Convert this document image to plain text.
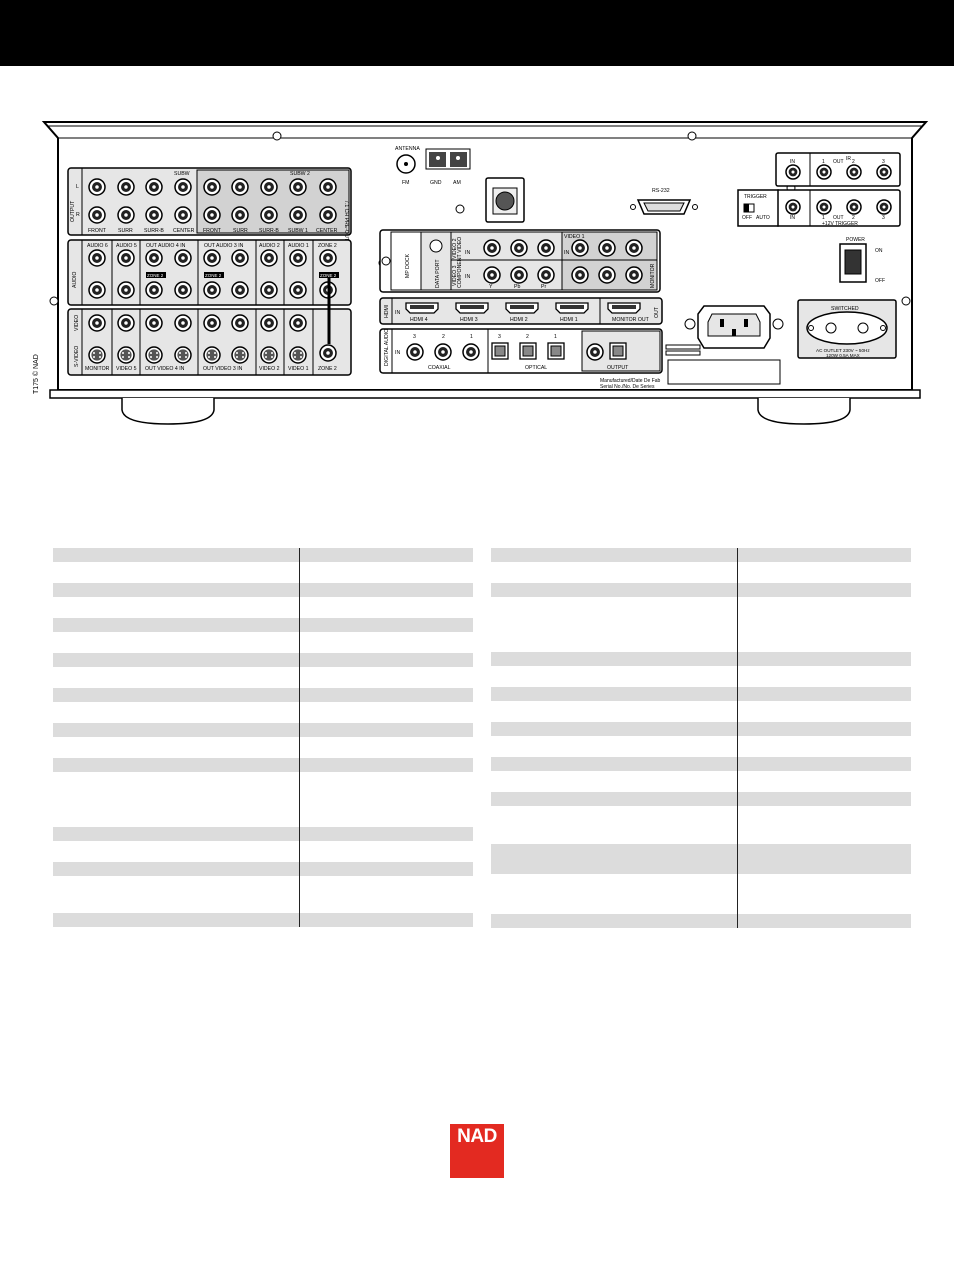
T175 © NAD
SUBW	SUBW 2
L
R
OUTPUT	7.1 CH PRE-OUT
FRONT SURR SURR-B CENTER FRONT SURR SURR-B SUBW 1 CENTER
AUDIO
AUDIO 6 AUDIO 5 OUT AUDIO 4 IN	OUT AUDIO 3 IN	AUDIO 2 AUDIO 1 ZONE 2
VIDEO
S-VIDEO
MONITOR VIDEO 5 OUT VIDEO 4 IN	OUT VIDEO 3 IN	VIDEO 2 VIDEO 1 ZONE 2
ZONE 2	ZONE 2	ZONE 2
ANTENNA
FM	GND AM
RS-232
MP DOCK	DATA PORT	COMPONENT VIDEO
VIDEO 2
VIDEO 3
VIDEO 1
MONITOR
IN
IN
IN
Y	Pb	Pr
HDMI 4	HDMI 3	HDMI 2	HDMI 1	MONITOR OUT
HDMI IN	OUT
DIGITAL AUDIO IN
COAXIAL	OPTICAL	OUTPUT
3	2	1	3	2	1
Manufactured/Date De Fab
Serial No./No. De Series
IR
IN	OUT
1	2	3
TRIGGER
OFF AUTO	IN	1 OUT 2	3
+12V TRIGGER
POWER
ON
OFF
SWITCHED
AC OUTLET 230V ~ 50Hz
120W 0.5A MAX

NAD
